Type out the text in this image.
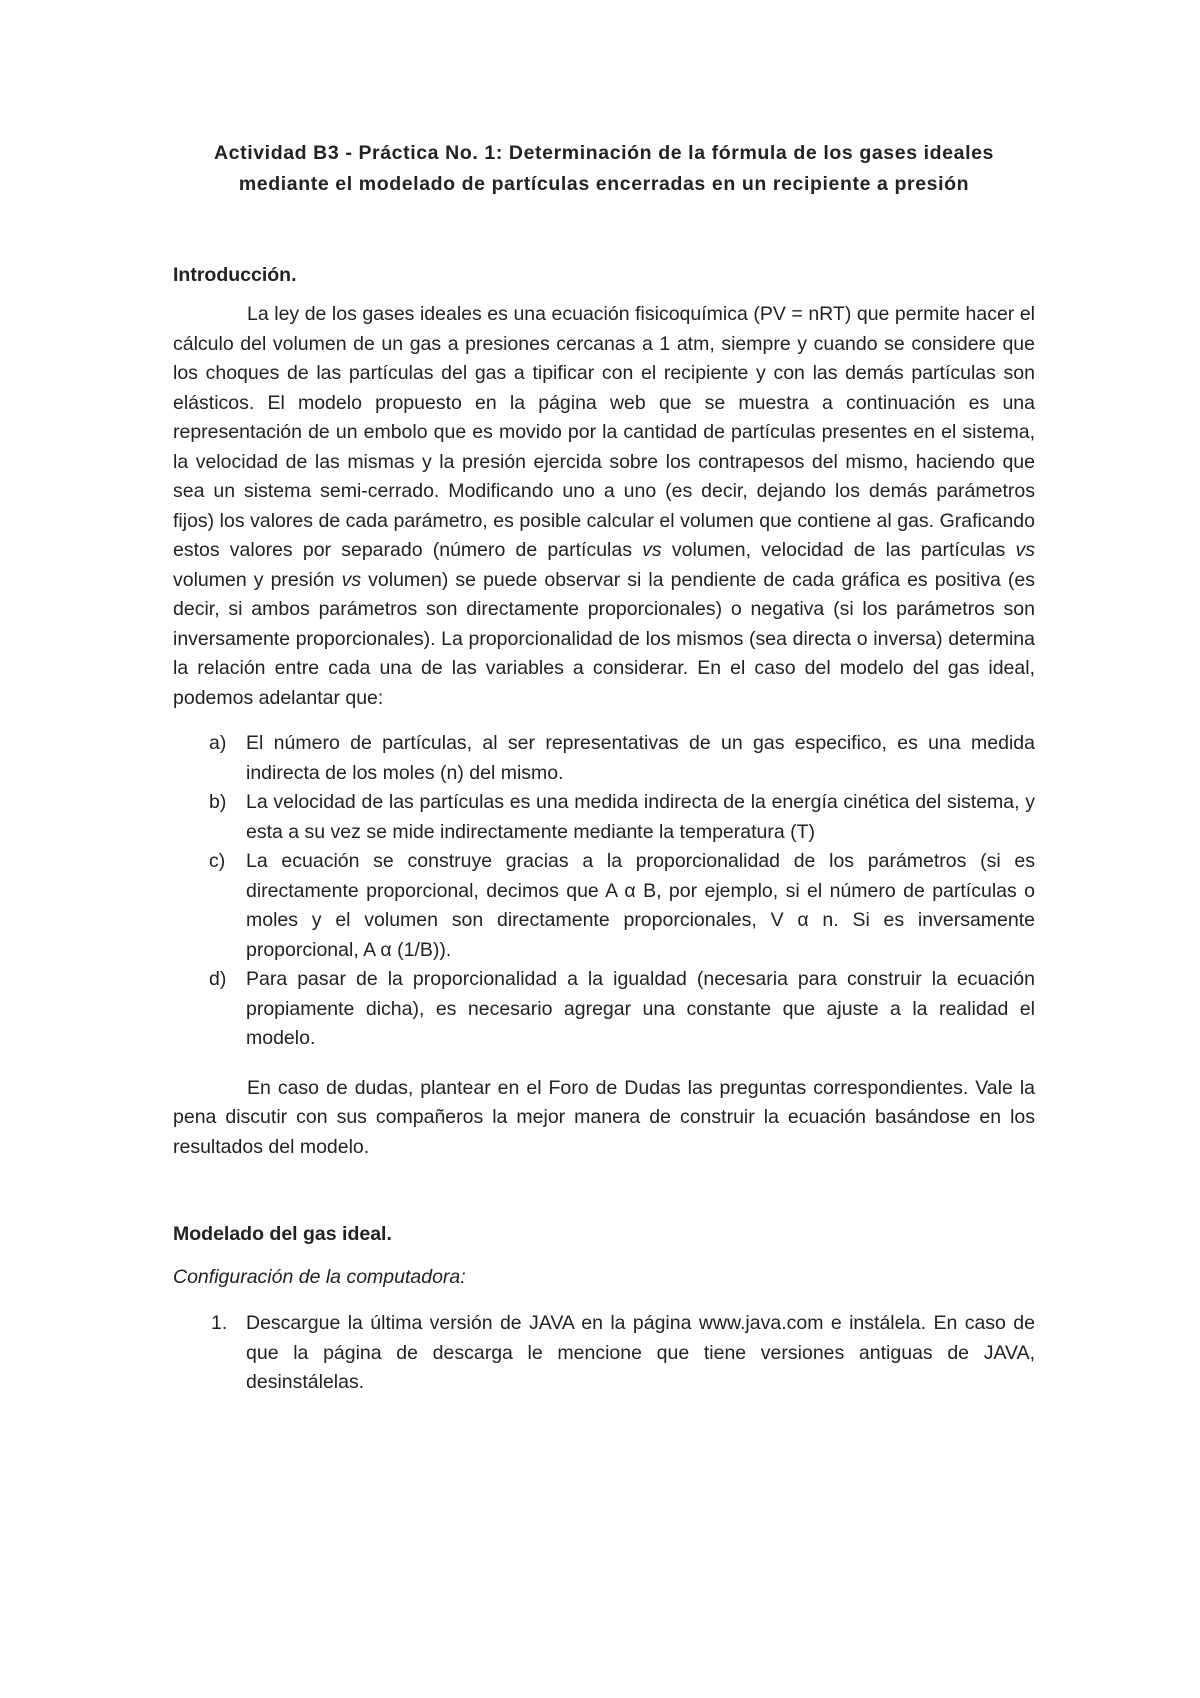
Actividad B3 - Práctica No. 1: Determinación de la fórmula de los gases ideales
mediante el modelado de partículas encerradas en un recipiente a presión

Introducción.

La ley de los gases ideales es una ecuación fisicoquímica (PV = nRT) que permite hacer el cálculo del volumen de un gas a presiones cercanas a 1 atm, siempre y cuando se considere que los choques de las partículas del gas a tipificar con el recipiente y con las demás partículas son elásticos. El modelo propuesto en la página web que se muestra a continuación es una representación de un embolo que es movido por la cantidad de partículas presentes en el sistema, la velocidad de las mismas y la presión ejercida sobre los contrapesos del mismo, haciendo que sea un sistema semi-cerrado. Modificando uno a uno (es decir, dejando los demás parámetros fijos) los valores de cada parámetro, es posible calcular el volumen que contiene al gas. Graficando estos valores por separado (número de partículas vs volumen, velocidad de las partículas vs volumen y presión vs volumen) se puede observar si la pendiente de cada gráfica es positiva (es decir, si ambos parámetros son directamente proporcionales) o negativa (si los parámetros son inversamente proporcionales). La proporcionalidad de los mismos (sea directa o inversa) determina la relación entre cada una de las variables a considerar. En el caso del modelo del gas ideal, podemos adelantar que:

a) El número de partículas, al ser representativas de un gas especifico, es una medida indirecta de los moles (n) del mismo.
b) La velocidad de las partículas es una medida indirecta de la energía cinética del sistema, y esta a su vez se mide indirectamente mediante la temperatura (T)
c) La ecuación se construye gracias a la proporcionalidad de los parámetros (si es directamente proporcional, decimos que A α B, por ejemplo, si el número de partículas o moles y el volumen son directamente proporcionales, V α n. Si es inversamente proporcional, A α (1/B)).
d) Para pasar de la proporcionalidad a la igualdad (necesaria para construir la ecuación propiamente dicha), es necesario agregar una constante que ajuste a la realidad el modelo.

En caso de dudas, plantear en el Foro de Dudas las preguntas correspondientes. Vale la pena discutir con sus compañeros la mejor manera de construir la ecuación basándose en los resultados del modelo.

Modelado del gas ideal.

Configuración de la computadora:

1. Descargue la última versión de JAVA en la página www.java.com e instálela. En caso de que la página de descarga le mencione que tiene versiones antiguas de JAVA, desinstálelas.
